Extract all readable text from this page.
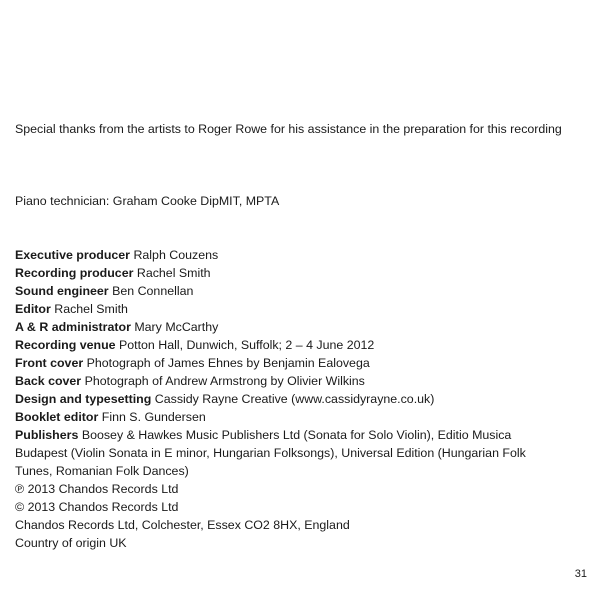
Special thanks from the artists to Roger Rowe for his assistance in the preparation for this recording
Piano technician: Graham Cooke DipMIT, MPTA
Executive producer Ralph Couzens
Recording producer Rachel Smith
Sound engineer Ben Connellan
Editor Rachel Smith
A & R administrator Mary McCarthy
Recording venue Potton Hall, Dunwich, Suffolk; 2 – 4 June 2012
Front cover Photograph of James Ehnes by Benjamin Ealovega
Back cover Photograph of Andrew Armstrong by Olivier Wilkins
Design and typesetting Cassidy Rayne Creative (www.cassidyrayne.co.uk)
Booklet editor Finn S. Gundersen
Publishers Boosey & Hawkes Music Publishers Ltd (Sonata for Solo Violin), Editio Musica
Budapest (Violin Sonata in E minor, Hungarian Folksongs), Universal Edition (Hungarian Folk
Tunes, Romanian Folk Dances)
℗ 2013 Chandos Records Ltd
© 2013 Chandos Records Ltd
Chandos Records Ltd, Colchester, Essex CO2 8HX, England
Country of origin UK
31
